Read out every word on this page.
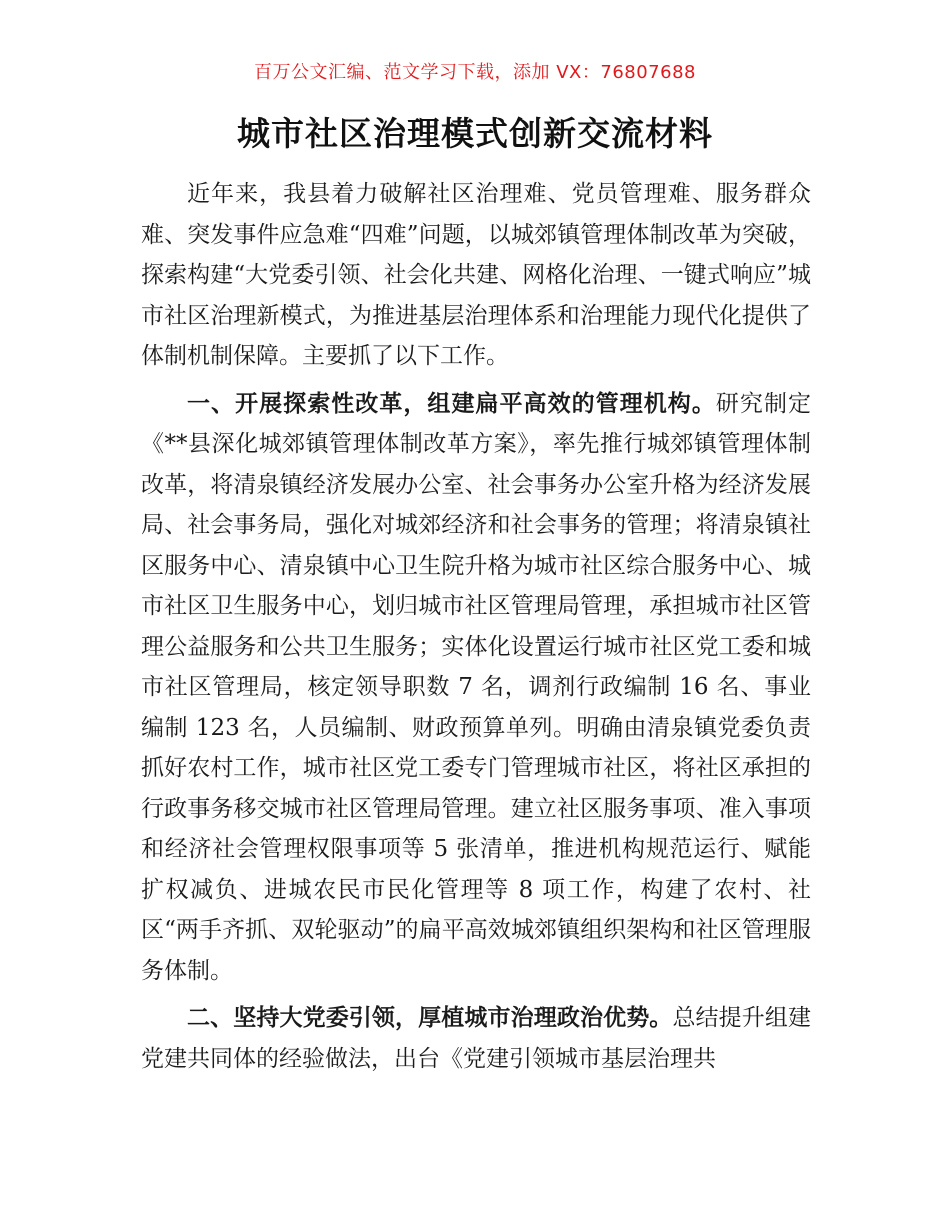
百万公文汇编、范文学习下载，添加 VX：76807688
城市社区治理模式创新交流材料

近年来，我县着力破解社区治理难、党员管理难、服务群众难、突发事件应急难“四难”问题，以城郊镇管理体制改革为突破，探索构建“大党委引领、社会化共建、网格化治理、一键式响应”城市社区治理新模式，为推进基层治理体系和治理能力现代化提供了体制机制保障。主要抓了以下工作。

一、开展探索性改革，组建扁平高效的管理机构。研究制定《**县深化城郊镇管理体制改革方案》，率先推行城郊镇管理体制改革，将清泉镇经济发展办公室、社会事务办公室升格为经济发展局、社会事务局，强化对城郊经济和社会事务的管理；将清泉镇社区服务中心、清泉镇中心卫生院升格为城市社区综合服务中心、城市社区卫生服务中心，划归城市社区管理局管理，承担城市社区管理公益服务和公共卫生服务；实体化设置运行城市社区党工委和城市社区管理局，核定领导职数 7 名，调剂行政编制 16 名、事业编制 123 名，人员编制、财政预算单列。明确由清泉镇党委负责抓好农村工作，城市社区党工委专门管理城市社区，将社区承担的行政事务移交城市社区管理局管理。建立社区服务事项、准入事项和经济社会管理权限事项等 5 张清单，推进机构规范运行、赋能扩权减负、进城农民市民化管理等 8 项工作，构建了农村、社区“两手齐抓、双轮驱动”的扁平高效城郊镇组织架构和社区管理服务体制。

二、坚持大党委引领，厚植城市治理政治优势。总结提升组建党建共同体的经验做法，出台《党建引领城市基层治理共
